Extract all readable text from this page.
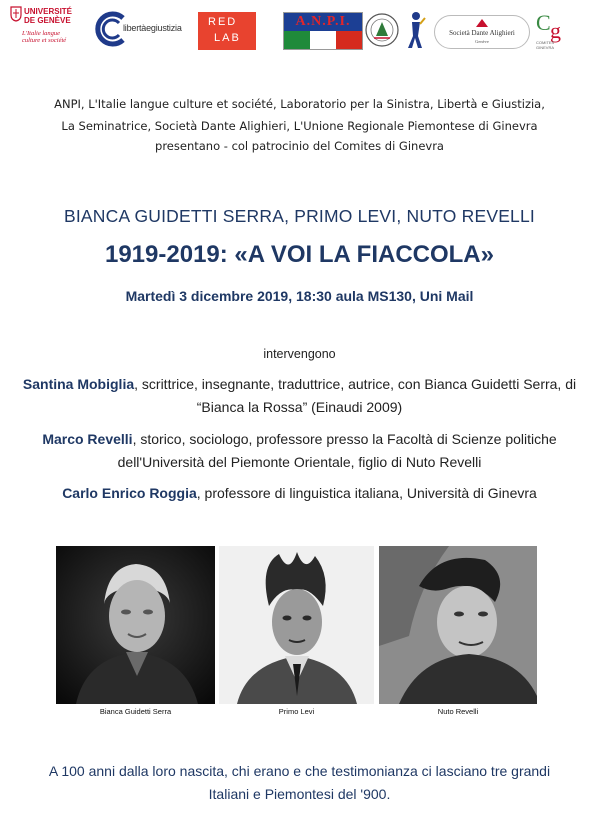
UNIVERSITÉ
DE GENÈVE
L'Italie langue
culture et société
libertàegiustizia RED
LAB
A.N.P.I.
Società Dante Alighieri
Genève
C g
COMITES GINEVRA
ANPI, L'Italie langue culture et société, Laboratorio per la Sinistra, Libertà e Giustizia,
La Seminatrice, Società Dante Alighieri, L'Unione Regionale Piemontese di Ginevra
presentano - col patrocinio del Comites di Ginevra
BIANCA GUIDETTI SERRA, PRIMO LEVI, NUTO REVELLI
1919-2019: «A VOI LA FIACCOLA»
Martedì 3 dicembre 2019, 18:30 aula MS130, Uni Mail
intervengono
Santina Mobiglia, scrittrice, insegnante, traduttrice, autrice, con Bianca Guidetti Serra, di “Bianca la Rossa” (Einaudi 2009)
Marco Revelli, storico, sociologo, professore presso la Facoltà di Scienze politiche dell'Università del Piemonte Orientale, figlio di Nuto Revelli
Carlo Enrico Roggia, professore di linguistica italiana, Università di Ginevra
Bianca Guidetti Serra	Primo Levi	Nuto Revelli
A 100 anni dalla loro nascita, chi erano e che testimonianza ci lasciano tre grandi
Italiani e Piemontesi del '900.
